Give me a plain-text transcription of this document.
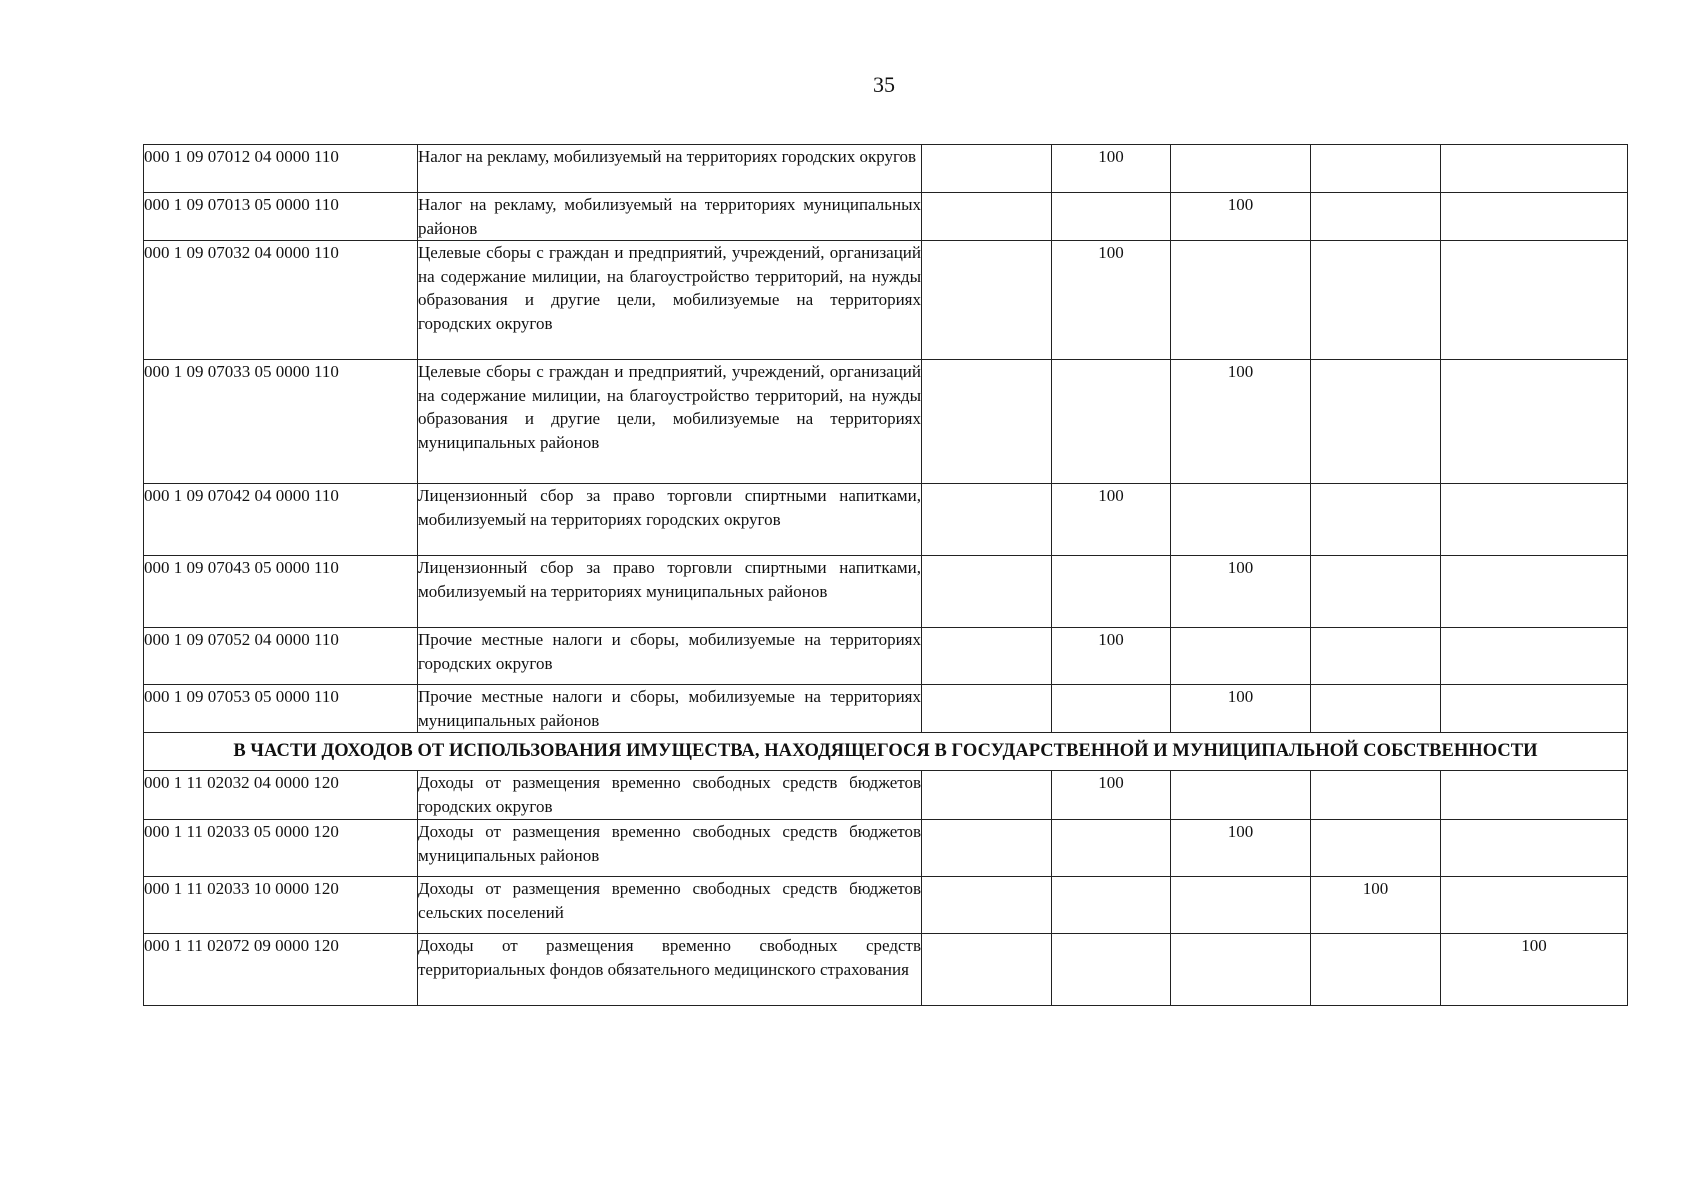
35
000 1 09 07012 04 0000 110	Налог на рекламу, мобилизуемый на территориях городских округов		100			
000 1 09 07013 05 0000 110	Налог на рекламу, мобилизуемый на территориях муниципальных районов			100		
000 1 09 07032 04 0000 110	Целевые сборы с граждан и предприятий, учреждений, организаций на содержание милиции, на благоустройство территорий, на нужды образования и другие цели, мобилизуемые на территориях городских округов		100			
000 1 09 07033 05 0000 110	Целевые сборы с граждан и предприятий, учреждений, организаций на содержание милиции, на благоустройство территорий, на нужды образования и другие цели, мобилизуемые на территориях муниципальных районов			100		
000 1 09 07042 04 0000 110	Лицензионный сбор за право торговли спиртными напитками, мобилизуемый на территориях городских округов		100			
000 1 09 07043 05 0000 110	Лицензионный сбор за право торговли спиртными напитками, мобилизуемый на территориях муниципальных районов			100		
000 1 09 07052 04 0000 110	Прочие местные налоги и сборы, мобилизуемые на территориях городских округов		100			
000 1 09 07053 05 0000 110	Прочие местные налоги и сборы, мобилизуемые на территориях муниципальных районов			100		
В ЧАСТИ ДОХОДОВ ОТ ИСПОЛЬЗОВАНИЯ ИМУЩЕСТВА, НАХОДЯЩЕГОСЯ В ГОСУДАРСТВЕННОЙ И МУНИЦИПАЛЬНОЙ СОБСТВЕННОСТИ						
000 1 11 02032 04 0000 120	Доходы от размещения временно свободных средств бюджетов городских округов		100			
000 1 11 02033 05 0000 120	Доходы от размещения временно свободных средств бюджетов муниципальных районов			100		
000 1 11 02033 10 0000 120	Доходы от размещения временно свободных средств бюджетов сельских поселений				100	
000 1 11 02072 09 0000 120	Доходы от размещения временно свободных средств территориальных фондов обязательного медицинского страхования					100
